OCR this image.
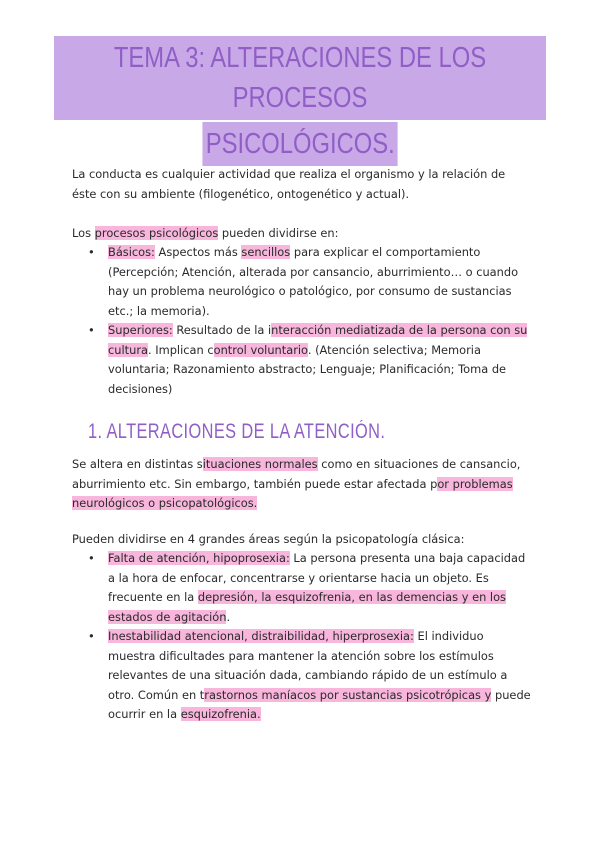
TEMA 3: ALTERACIONES DE LOS PROCESOS
PSICOLÓGICOS.
La conducta es cualquier actividad que realiza el organismo y la relación de éste con su ambiente (filogenético, ontogenético y actual).
Los procesos psicológicos pueden dividirse en:
• Básicos: Aspectos más sencillos para explicar el comportamiento (Percepción; Atención, alterada por cansancio, aburrimiento… o cuando hay un problema neurológico o patológico, por consumo de sustancias etc.; la memoria).
• Superiores: Resultado de la interacción mediatizada de la persona con su cultura. Implican control voluntario. (Atención selectiva; Memoria voluntaria; Razonamiento abstracto; Lenguaje; Planificación; Toma de decisiones)
1. ALTERACIONES DE LA ATENCIÓN.
Se altera en distintas situaciones normales como en situaciones de cansancio, aburrimiento etc. Sin embargo, también puede estar afectada por problemas neurológicos o psicopatológicos.
Pueden dividirse en 4 grandes áreas según la psicopatología clásica:
• Falta de atención, hipoprosexia: La persona presenta una baja capacidad a la hora de enfocar, concentrarse y orientarse hacia un objeto. Es frecuente en la depresión, la esquizofrenia, en las demencias y en los estados de agitación.
• Inestabilidad atencional, distraibilidad, hiperprosexia: El individuo muestra dificultades para mantener la atención sobre los estímulos relevantes de una situación dada, cambiando rápido de un estímulo a otro. Común en trastornos maníacos por sustancias psicotrópicas y puede ocurrir en la esquizofrenia.
